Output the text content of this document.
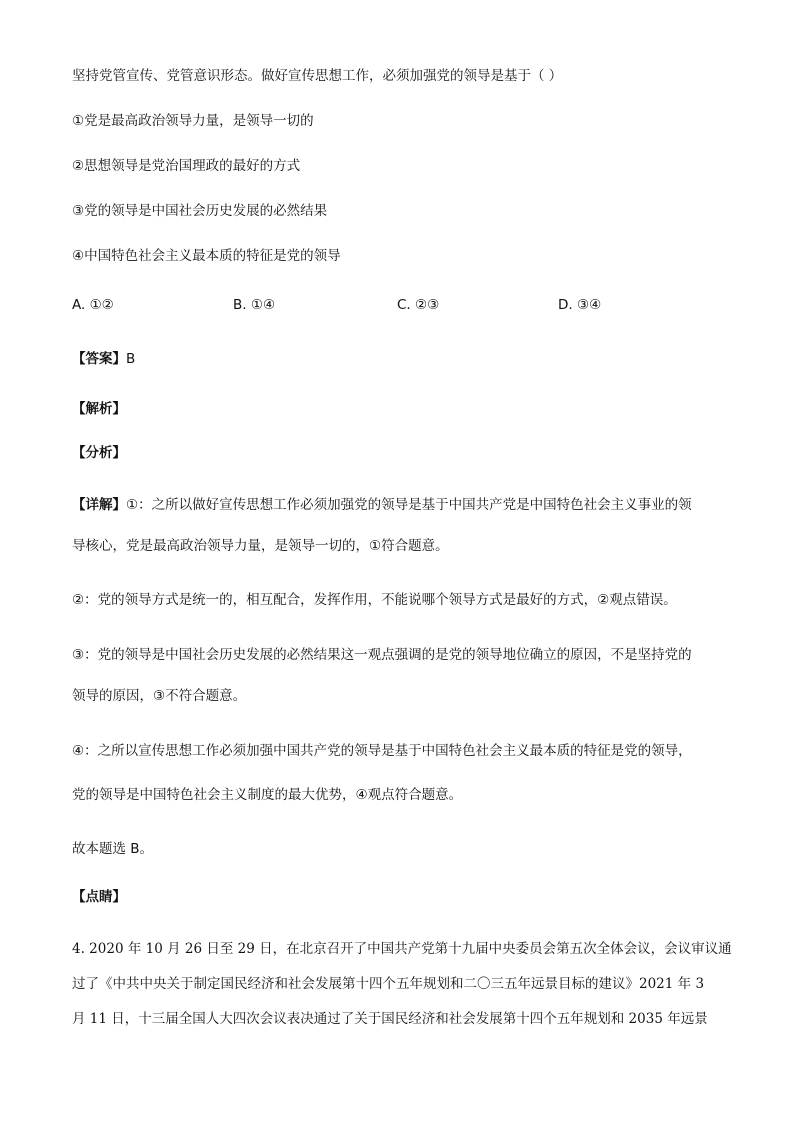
坚持党管宣传、党管意识形态。做好宣传思想工作，必须加强党的领导是基于（ ）
①党是最高政治领导力量，是领导一切的
②思想领导是党治国理政的最好的方式
③党的领导是中国社会历史发展的必然结果
④中国特色社会主义最本质的特征是党的领导
A. ①②	B. ①④	C. ②③	D. ③④
【答案】B
【解析】
【分析】
【详解】①：之所以做好宣传思想工作必须加强党的领导是基于中国共产党是中国特色社会主义事业的领
导核心，党是最高政治领导力量，是领导一切的，①符合题意。
②：党的领导方式是统一的，相互配合，发挥作用，不能说哪个领导方式是最好的方式，②观点错误。
③：党的领导是中国社会历史发展的必然结果这一观点强调的是党的领导地位确立的原因，不是坚持党的
领导的原因，③不符合题意。
④：之所以宣传思想工作必须加强中国共产党的领导是基于中国特色社会主义最本质的特征是党的领导，
党的领导是中国特色社会主义制度的最大优势，④观点符合题意。
故本题选 B。
【点睛】
4. 2020 年 10 月 26 日至 29 日，在北京召开了中国共产党第十九届中央委员会第五次全体会议，会议审议通
过了《中共中央关于制定国民经济和社会发展第十四个五年规划和二〇三五年远景目标的建议》2021 年 3
月 11 日，十三届全国人大四次会议表决通过了关于国民经济和社会发展第十四个五年规划和 2035 年远景
